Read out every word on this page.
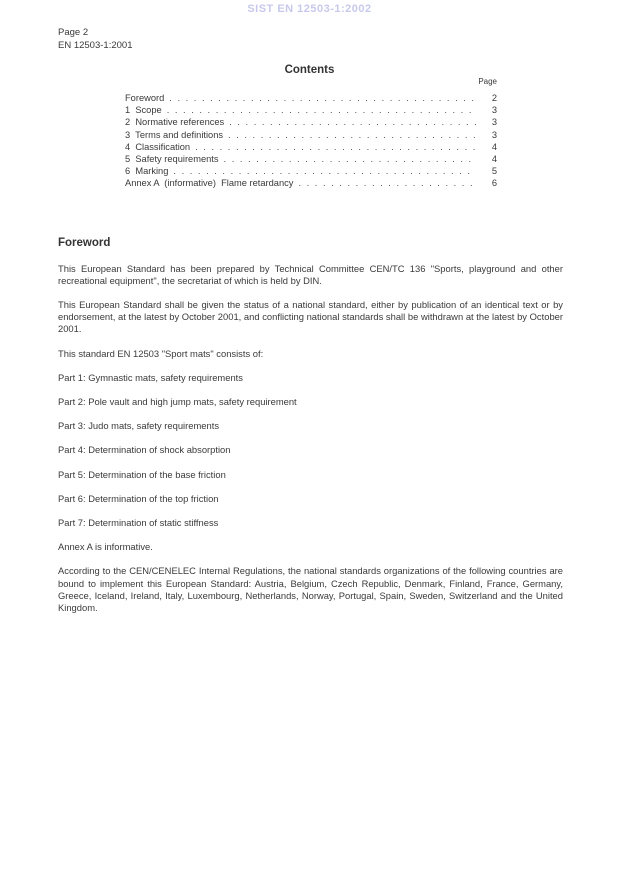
SIST EN 12503-1:2002
Page 2
EN 12503-1:2001
Contents
Page
Foreword . . .	2
1  Scope . . .	3
2  Normative references . . .	3
3  Terms and definitions . . .	3
4  Classification . . .	4
5  Safety requirements . . .	4
6  Marking . . .	5
Annex A  (informative)  Flame retardancy . . .	6
Foreword

This European Standard has been prepared by Technical Committee CEN/TC 136 "Sports, playground and other recreational equipment", the secretariat of which is held by DIN.

This European Standard shall be given the status of a national standard, either by publication of an identical text or by endorsement, at the latest by October 2001, and conflicting national standards shall be withdrawn at the latest by October 2001.

This standard EN 12503 "Sport mats" consists of:

Part 1: Gymnastic mats, safety requirements

Part 2: Pole vault and high jump mats, safety requirement

Part 3: Judo mats, safety requirements

Part 4: Determination of shock absorption

Part 5: Determination of the base friction

Part 6: Determination of the top friction

Part 7: Determination of static stiffness

Annex A is informative.

According to the CEN/CENELEC Internal Regulations, the national standards organizations of the following countries are bound to implement this European Standard: Austria, Belgium, Czech Republic, Denmark, Finland, France, Germany, Greece, Iceland, Ireland, Italy, Luxembourg, Netherlands, Norway, Portugal, Spain, Sweden, Switzerland and the United Kingdom.
